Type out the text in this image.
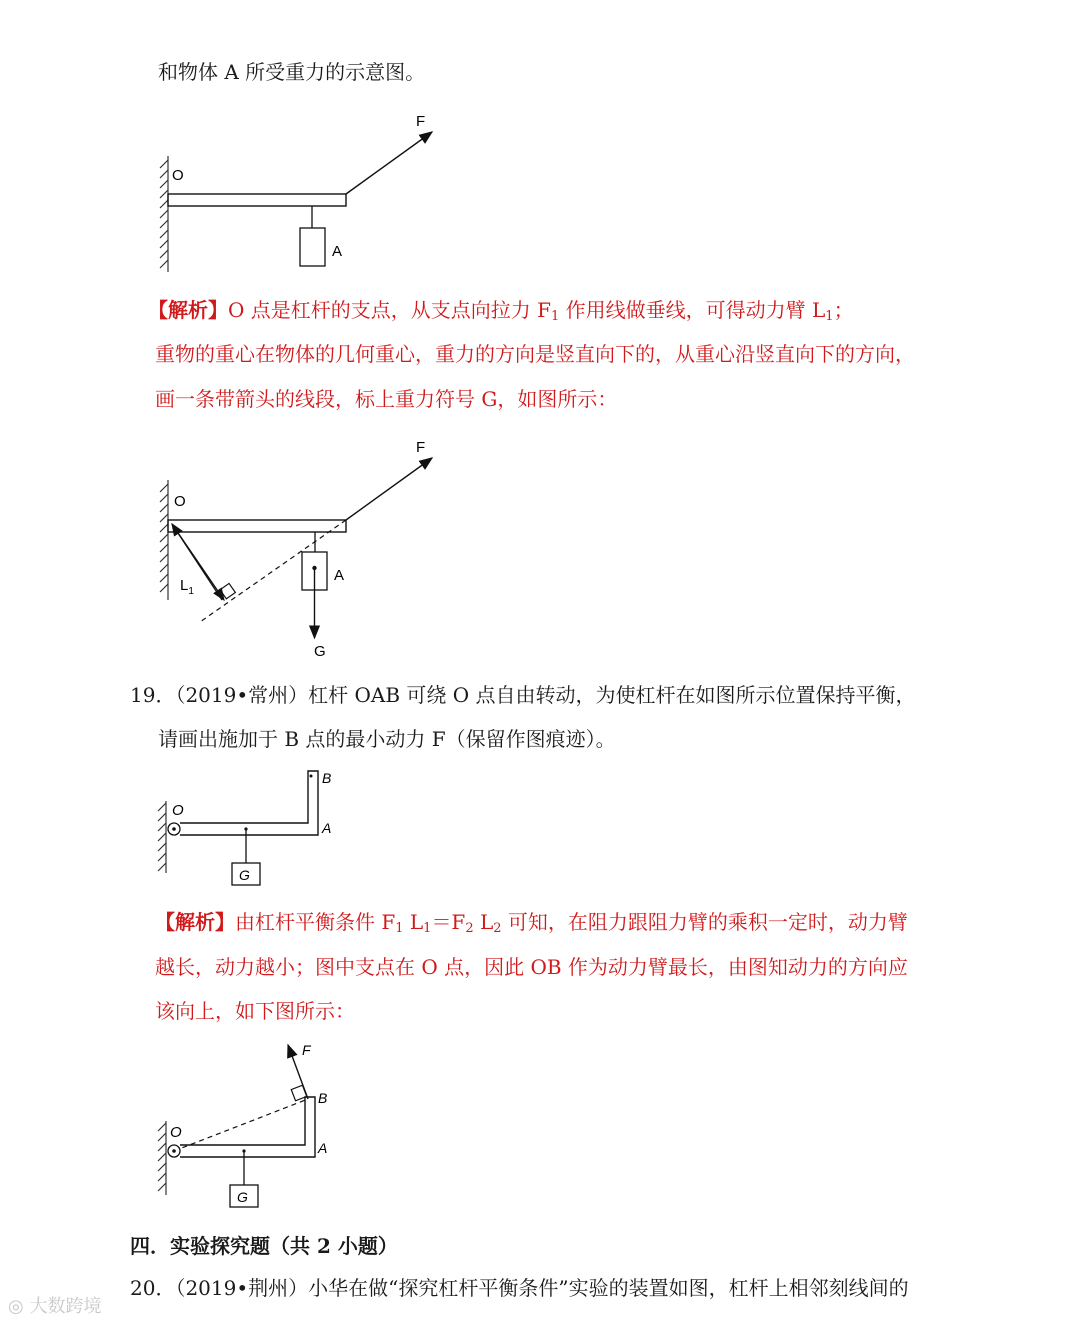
和物体 A 所受重力的示意图。
O
F
A
【解析】O 点是杠杆的支点，从支点向拉力 $F_1$ 作用线做垂线，可得动力臂 $L_1$；
重物的重心在物体的几何重心，重力的方向是竖直向下的，从重心沿竖直向下的方向，
画一条带箭头的线段，标上重力符号 G，如图所示：
O
F
A
$L_1$
G
19．（2019•常州）杠杆 OAB 可绕 O 点自由转动，为使杠杆在如图所示位置保持平衡，
请画出施加于 B 点的最小动力 F（保留作图痕迹）。
O
B
A
G
【解析】由杠杆平衡条件 $F_1$ $L_1=F_2$ $L_2$ 可知，在阻力跟阻力臂的乘积一定时，动力臂
越长，动力越小；图中支点在 O 点，因此 OB 作为动力臂最长，由图知动力的方向应
该向上，如下图所示：
O
B
A
G
F
四．实验探究题（共 2 小题）
20．（2019•荆州）小华在做“探究杠杆平衡条件”实验的装置如图，杠杆上相邻刻线间的
◎ 大数跨境
